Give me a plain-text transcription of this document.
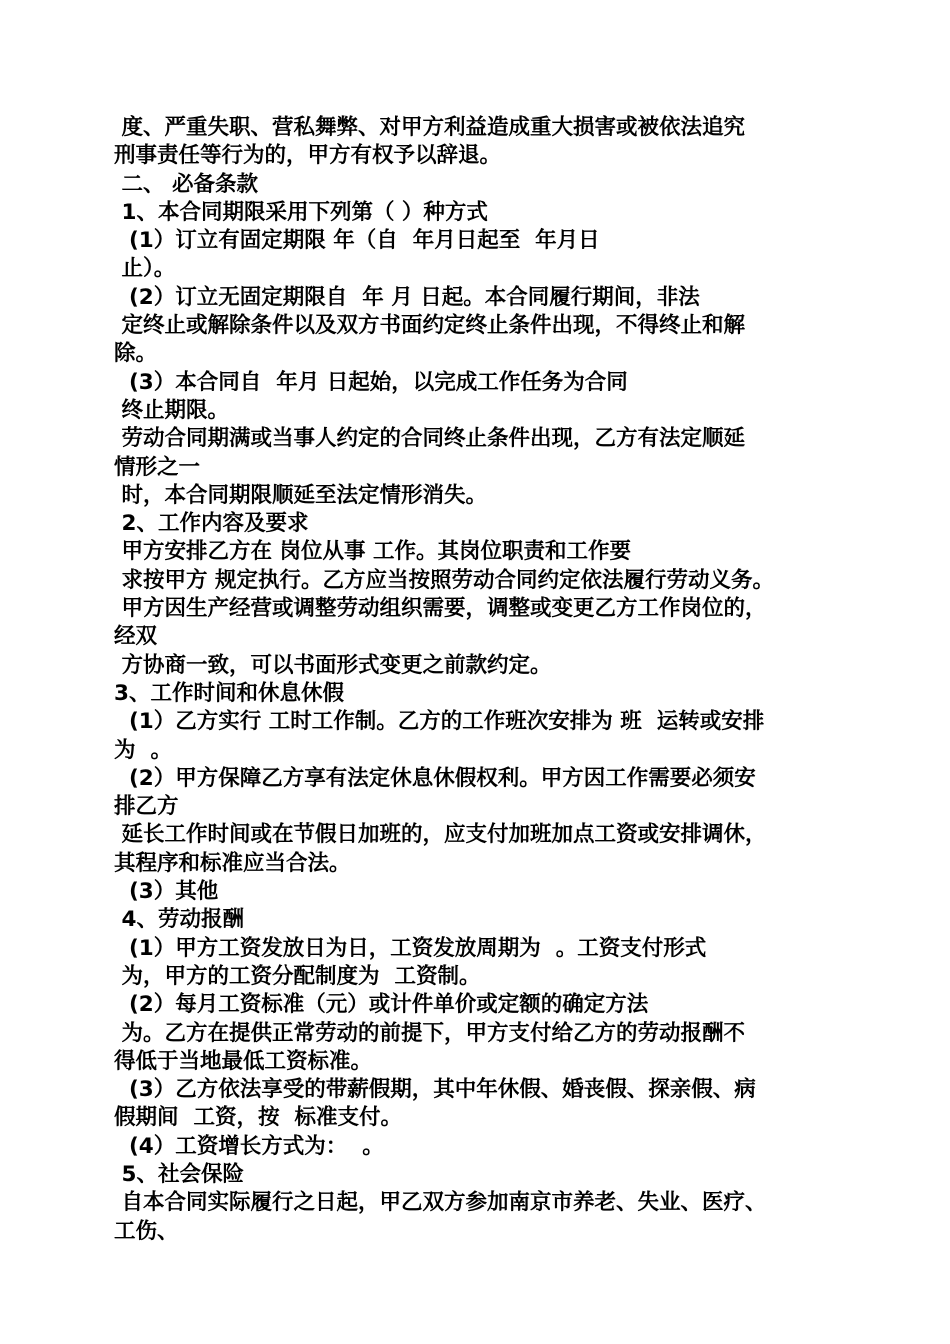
度、严重失职、营私舞弊、对甲方利益造成重大损害或被依法追究
刑事责任等行为的，甲方有权予以辞退。
二、 必备条款
1、本合同期限采用下列第（ ）种方式
(1）订立有固定期限 年（自  年月日起至  年月日
止）。
(2）订立无固定期限自  年 月 日起。本合同履行期间，非法
定终止或解除条件以及双方书面约定终止条件出现，不得终止和解
除。
(3）本合同自  年月 日起始，以完成工作任务为合同
终止期限。
劳动合同期满或当事人约定的合同终止条件出现，乙方有法定顺延
情形之一
时，本合同期限顺延至法定情形消失。
2、工作内容及要求
甲方安排乙方在 岗位从事 工作。其岗位职责和工作要
求按甲方 规定执行。乙方应当按照劳动合同约定依法履行劳动义务。
甲方因生产经营或调整劳动组织需要，调整或变更乙方工作岗位的，
经双
方协商一致，可以书面形式变更之前款约定。
3、工作时间和休息休假
(1）乙方实行 工时工作制。乙方的工作班次安排为 班  运转或安排
为  。
(2）甲方保障乙方享有法定休息休假权利。甲方因工作需要必须安
排乙方
延长工作时间或在节假日加班的，应支付加班加点工资或安排调休，
其程序和标准应当合法。
(3）其他
4、劳动报酬
(1）甲方工资发放日为日，工资发放周期为  。工资支付形式
为，甲方的工资分配制度为  工资制。
(2）每月工资标准（元）或计件单价或定额的确定方法
为。乙方在提供正常劳动的前提下，甲方支付给乙方的劳动报酬不
得低于当地最低工资标准。
(3）乙方依法享受的带薪假期，其中年休假、婚丧假、探亲假、病
假期间  工资，按  标准支付。
(4）工资增长方式为：  。
5、社会保险
自本合同实际履行之日起，甲乙双方参加南京市养老、失业、医疗、
工伤、
